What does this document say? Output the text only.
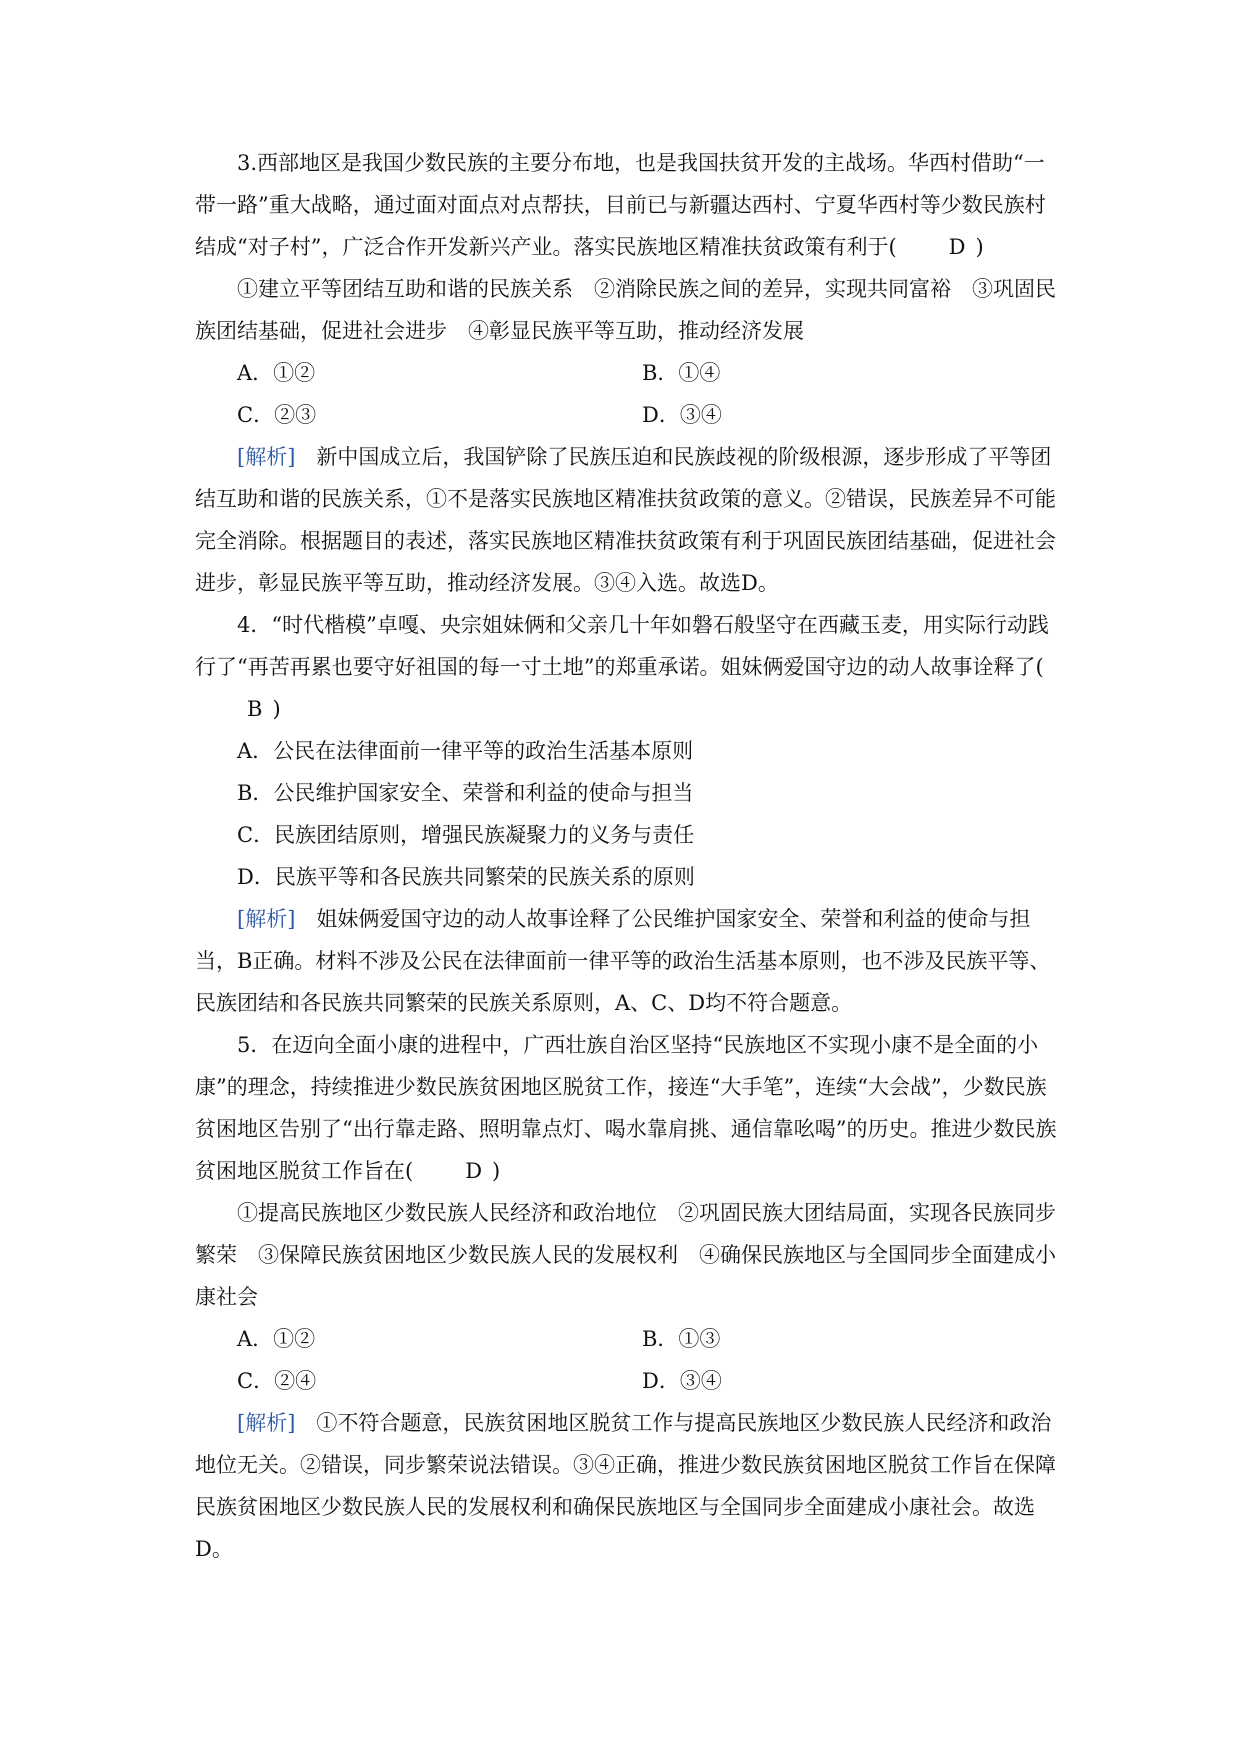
3.西部地区是我国少数民族的主要分布地，也是我国扶贫开发的主战场。华西村借助“一带一路”重大战略，通过面对面点对点帮扶，目前已与新疆达西村、宁夏华西村等少数民族村结成“对子村”，广泛合作开发新兴产业。落实民族地区精准扶贫政策有利于( D )

①建立平等团结互助和谐的民族关系　②消除民族之间的差异，实现共同富裕　③巩固民族团结基础，促进社会进步　④彰显民族平等互助，推动经济发展

A．①②	B．①④
C．②③	D．③④

[解析]　新中国成立后，我国铲除了民族压迫和民族歧视的阶级根源，逐步形成了平等团结互助和谐的民族关系，①不是落实民族地区精准扶贫政策的意义。②错误，民族差异不可能完全消除。根据题目的表述，落实民族地区精准扶贫政策有利于巩固民族团结基础，促进社会进步，彰显民族平等互助，推动经济发展。③④入选。故选D。

4．“时代楷模”卓嘎、央宗姐妹俩和父亲几十年如磐石般坚守在西藏玉麦，用实际行动践行了“再苦再累也要守好祖国的每一寸土地”的郑重承诺。姐妹俩爱国守边的动人故事诠释了(B )

A．公民在法律面前一律平等的政治生活基本原则

B．公民维护国家安全、荣誉和利益的使命与担当

C．民族团结原则，增强民族凝聚力的义务与责任

D．民族平等和各民族共同繁荣的民族关系的原则

[解析]　姐妹俩爱国守边的动人故事诠释了公民维护国家安全、荣誉和利益的使命与担当，B正确。材料不涉及公民在法律面前一律平等的政治生活基本原则，也不涉及民族平等、民族团结和各民族共同繁荣的民族关系原则，A、C、D均不符合题意。

5．在迈向全面小康的进程中，广西壮族自治区坚持“民族地区不实现小康不是全面的小康”的理念，持续推进少数民族贫困地区脱贫工作，接连“大手笔”，连续“大会战”，少数民族贫困地区告别了“出行靠走路、照明靠点灯、喝水靠肩挑、通信靠吆喝”的历史。推进少数民族贫困地区脱贫工作旨在( D )

①提高民族地区少数民族人民经济和政治地位　②巩固民族大团结局面，实现各民族同步繁荣　③保障民族贫困地区少数民族人民的发展权利　④确保民族地区与全国同步全面建成小康社会

A．①②	B．①③
C．②④	D．③④

[解析]　①不符合题意，民族贫困地区脱贫工作与提高民族地区少数民族人民经济和政治地位无关。②错误，同步繁荣说法错误。③④正确，推进少数民族贫困地区脱贫工作旨在保障民族贫困地区少数民族人民的发展权利和确保民族地区与全国同步全面建成小康社会。故选D。
